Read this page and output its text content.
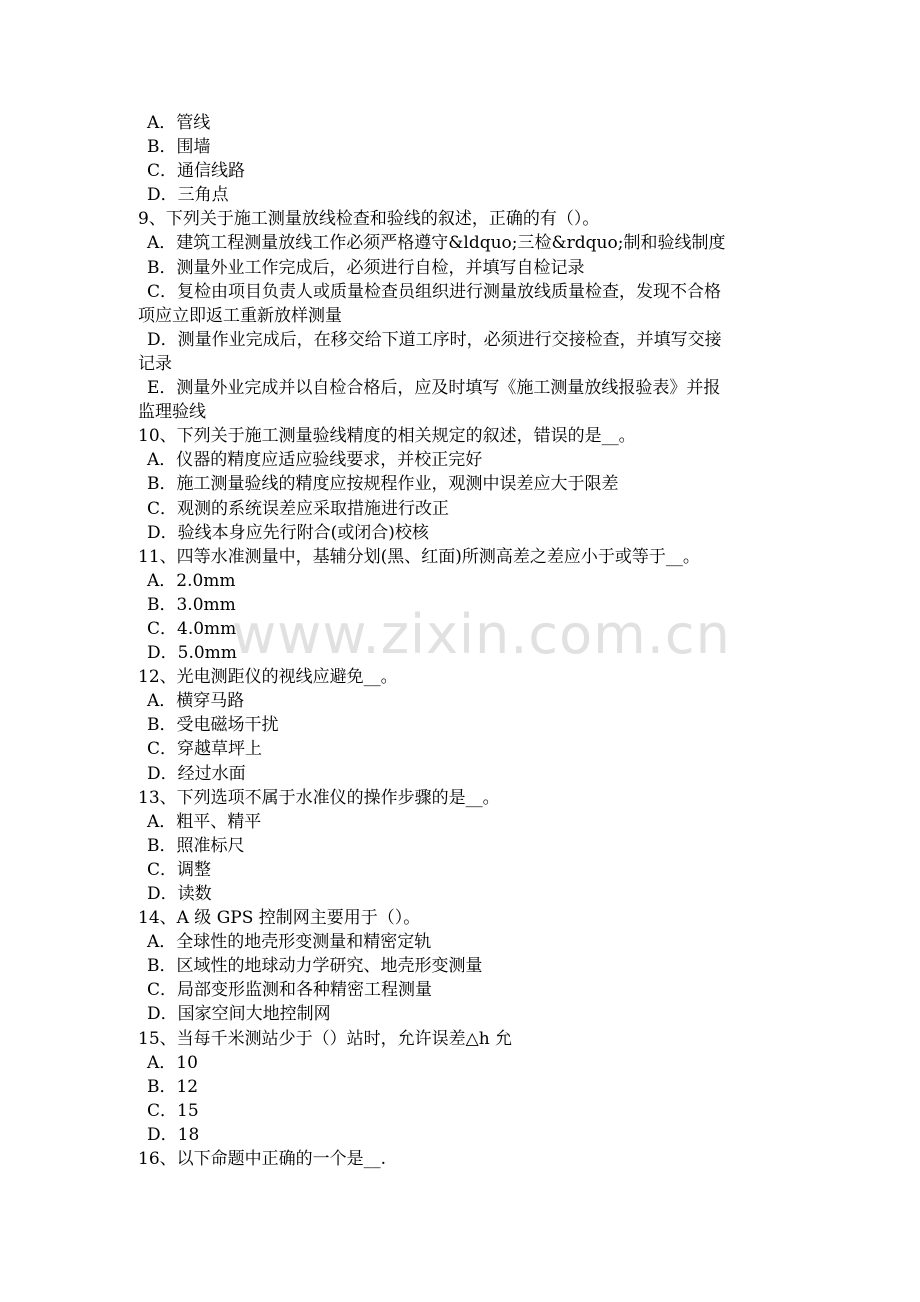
A．管线
B．围墙
C．通信线路
D．三角点
9、下列关于施工测量放线检查和验线的叙述，正确的有（）。
A．建筑工程测量放线工作必须严格遵守&ldquo;三检&rdquo;制和验线制度
B．测量外业工作完成后，必须进行自检，并填写自检记录
C．复检由项目负责人或质量检查员组织进行测量放线质量检查，发现不合格
项应立即返工重新放样测量
D．测量作业完成后，在移交给下道工序时，必须进行交接检查，并填写交接
记录
E．测量外业完成并以自检合格后，应及时填写《施工测量放线报验表》并报
监理验线
10、下列关于施工测量验线精度的相关规定的叙述，错误的是__。
A．仪器的精度应适应验线要求，并校正完好
B．施工测量验线的精度应按规程作业，观测中误差应大于限差
C．观测的系统误差应采取措施进行改正
D．验线本身应先行附合(或闭合)校核
11、四等水准测量中，基辅分划(黑、红面)所测高差之差应小于或等于__。
A．2.0mm
B．3.0mm
C．4.0mm
D．5.0mm
12、光电测距仪的视线应避免__。
A．横穿马路
B．受电磁场干扰
C．穿越草坪上
D．经过水面
13、下列选项不属于水准仪的操作步骤的是__。
A．粗平、精平
B．照准标尺
C．调整
D．读数
14、A 级 GPS 控制网主要用于（）。
A．全球性的地壳形变测量和精密定轨
B．区域性的地球动力学研究、地壳形变测量
C．局部变形监测和各种精密工程测量
D．国家空间大地控制网
15、当每千米测站少于（）站时，允许误差△h 允
A．10
B．12
C．15
D．18
16、以下命题中正确的一个是__.
www.zixin.com.cn
